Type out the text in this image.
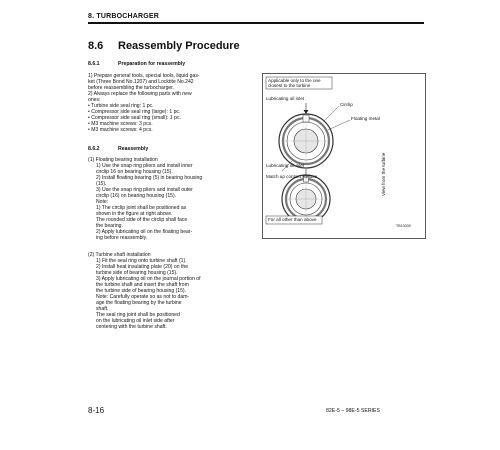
8. TURBOCHARGER
8.6 Reassembly Procedure
8.6.1	Preparation for reassembly
1) Prepare general tools, special tools, liquid gas-
ket (Three Bond No.1207) and Locktite No.242
before reassembling the turbocharger.
2) Always replace the following parts with new
ones:
• Turbine side seal ring: 1 pc.
• Compressor side seal ring (large): 1 pc.
• Compressor side seal ring (small): 1 pc.
• M3 machine screws: 3 pcs.
• M3 machine screws: 4 pcs.
8.6.2	Reassembly
(1) Floating bearing installation
1) Use the snap ring pliers and install inner
circlip 16 on bearing housing (15).
2) Install floating bearing (5) in bearing housing
(15).
3) Use the snap ring pliers and install outer
circlip (16) on bearing housing (15).
Note:
1) The circlip joint shall be positioned as
shown in the figure at right above.
The rounded side of the circlip shall face
the bearing.
2) Apply lubricating oil on the floating bear-
ing before reassembly.
(2) Turbine shaft installation
1) Fit the seal ring onto turbine shaft (1).
2) Install heat insulating plate (20) on the
turbine side of bearing housing (15).
3) Apply lubricating oil on the journal portion of
the turbine shaft and insert the shaft from
the turbine side of bearing housing (15).
Note: Carefully operate so as not to dam-
age the floating bearing by the turbine
shaft.
The seal ring joint shall be positioned
on the lubricating oil inlet side after
centering with the turbine shaft.
Applicable only to the one
closest to the turbine
Lubricating oil inlet
Circlip
Floating metal
Match up contact surface
Lubricating oil inlet	View from the turbine
For all other than above
TB13039
8-16	82E-5 – 98E-5 SERIES
